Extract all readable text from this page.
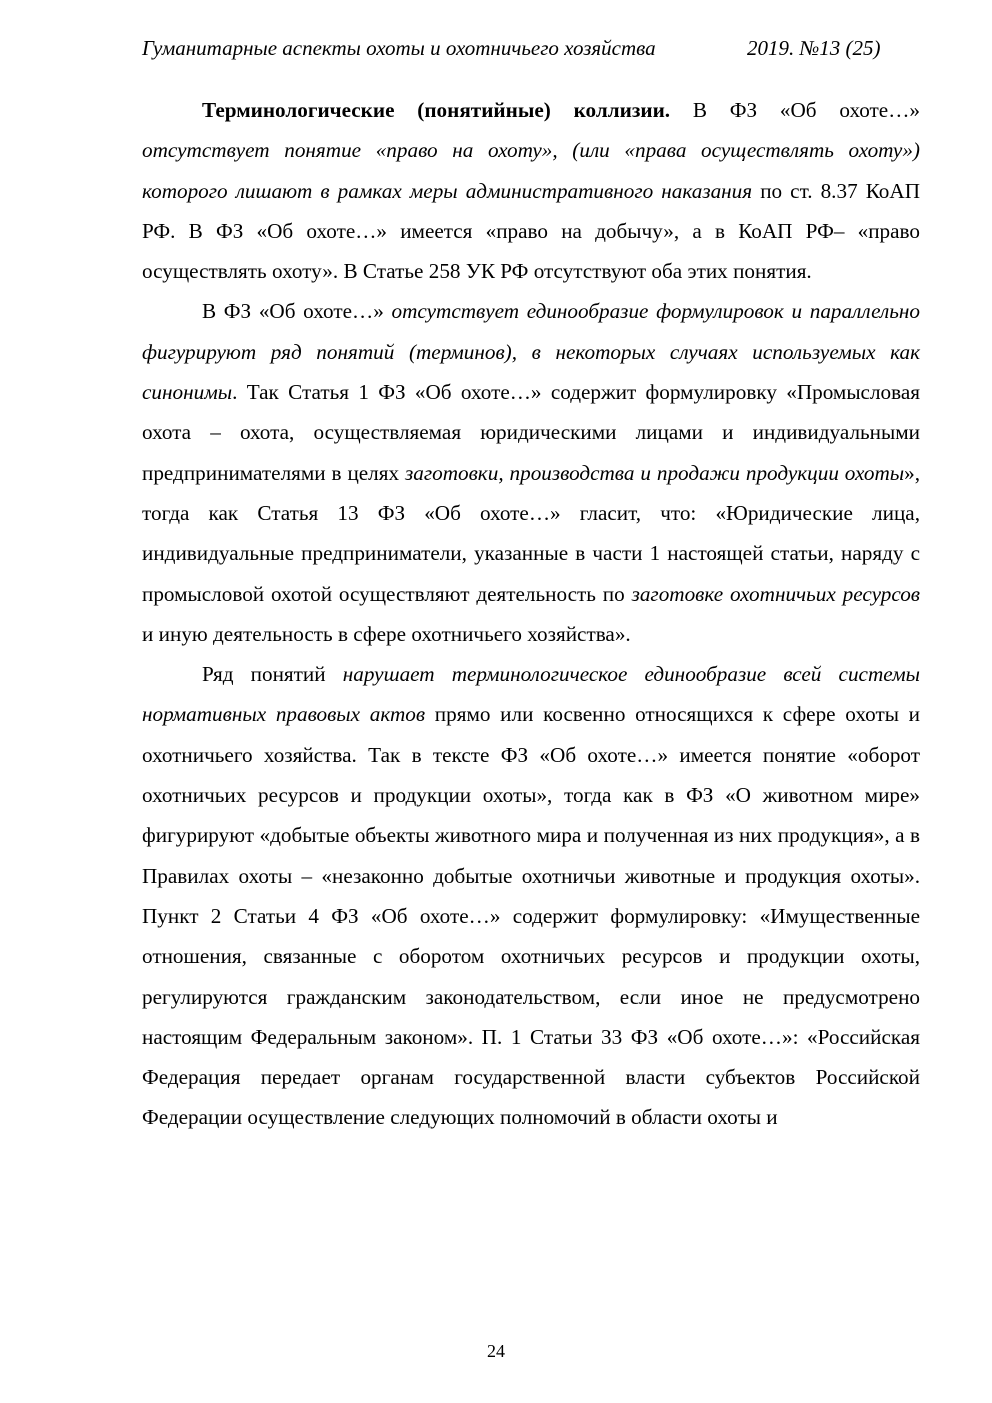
Гуманитарные аспекты охоты и охотничьего хозяйства	2019. №13 (25)

Терминологические (понятийные) коллизии. В ФЗ «Об охоте…» отсутствует понятие «право на охоту», (или «права осуществлять охоту») которого лишают в рамках меры административного наказания по ст. 8.37 КоАП РФ. В ФЗ «Об охоте…» имеется «право на добычу», а в КоАП РФ– «право осуществлять охоту». В Статье 258 УК РФ отсутствуют оба этих понятия.

В ФЗ «Об охоте…» отсутствует единообразие формулировок и параллельно фигурируют ряд понятий (терминов), в некоторых случаях используемых как синонимы. Так Статья 1 ФЗ «Об охоте…» содержит формулировку «Промысловая охота – охота, осуществляемая юридическими лицами и индивидуальными предпринимателями в целях заготовки, производства и продажи продукции охоты», тогда как Статья 13 ФЗ «Об охоте…» гласит, что: «Юридические лица, индивидуальные предприниматели, указанные в части 1 настоящей статьи, наряду с промысловой охотой осуществляют деятельность по заготовке охотничьих ресурсов и иную деятельность в сфере охотничьего хозяйства».

Ряд понятий нарушает терминологическое единообразие всей системы нормативных правовых актов прямо или косвенно относящихся к сфере охоты и охотничьего хозяйства. Так в тексте ФЗ «Об охоте…» имеется понятие «оборот охотничьих ресурсов и продукции охоты», тогда как в ФЗ «О животном мире» фигурируют «добытые объекты животного мира и полученная из них продукция», а в Правилах охоты – «незаконно добытые охотничьи животные и продукция охоты». Пункт 2 Статьи 4 ФЗ «Об охоте…» содержит формулировку: «Имущественные отношения, связанные с оборотом охотничьих ресурсов и продукции охоты, регулируются гражданским законодательством, если иное не предусмотрено настоящим Федеральным законом». П. 1 Статьи 33 ФЗ «Об охоте…»: «Российская Федерация передает органам государственной власти субъектов Российской Федерации осуществление следующих полномочий в области охоты и

24
